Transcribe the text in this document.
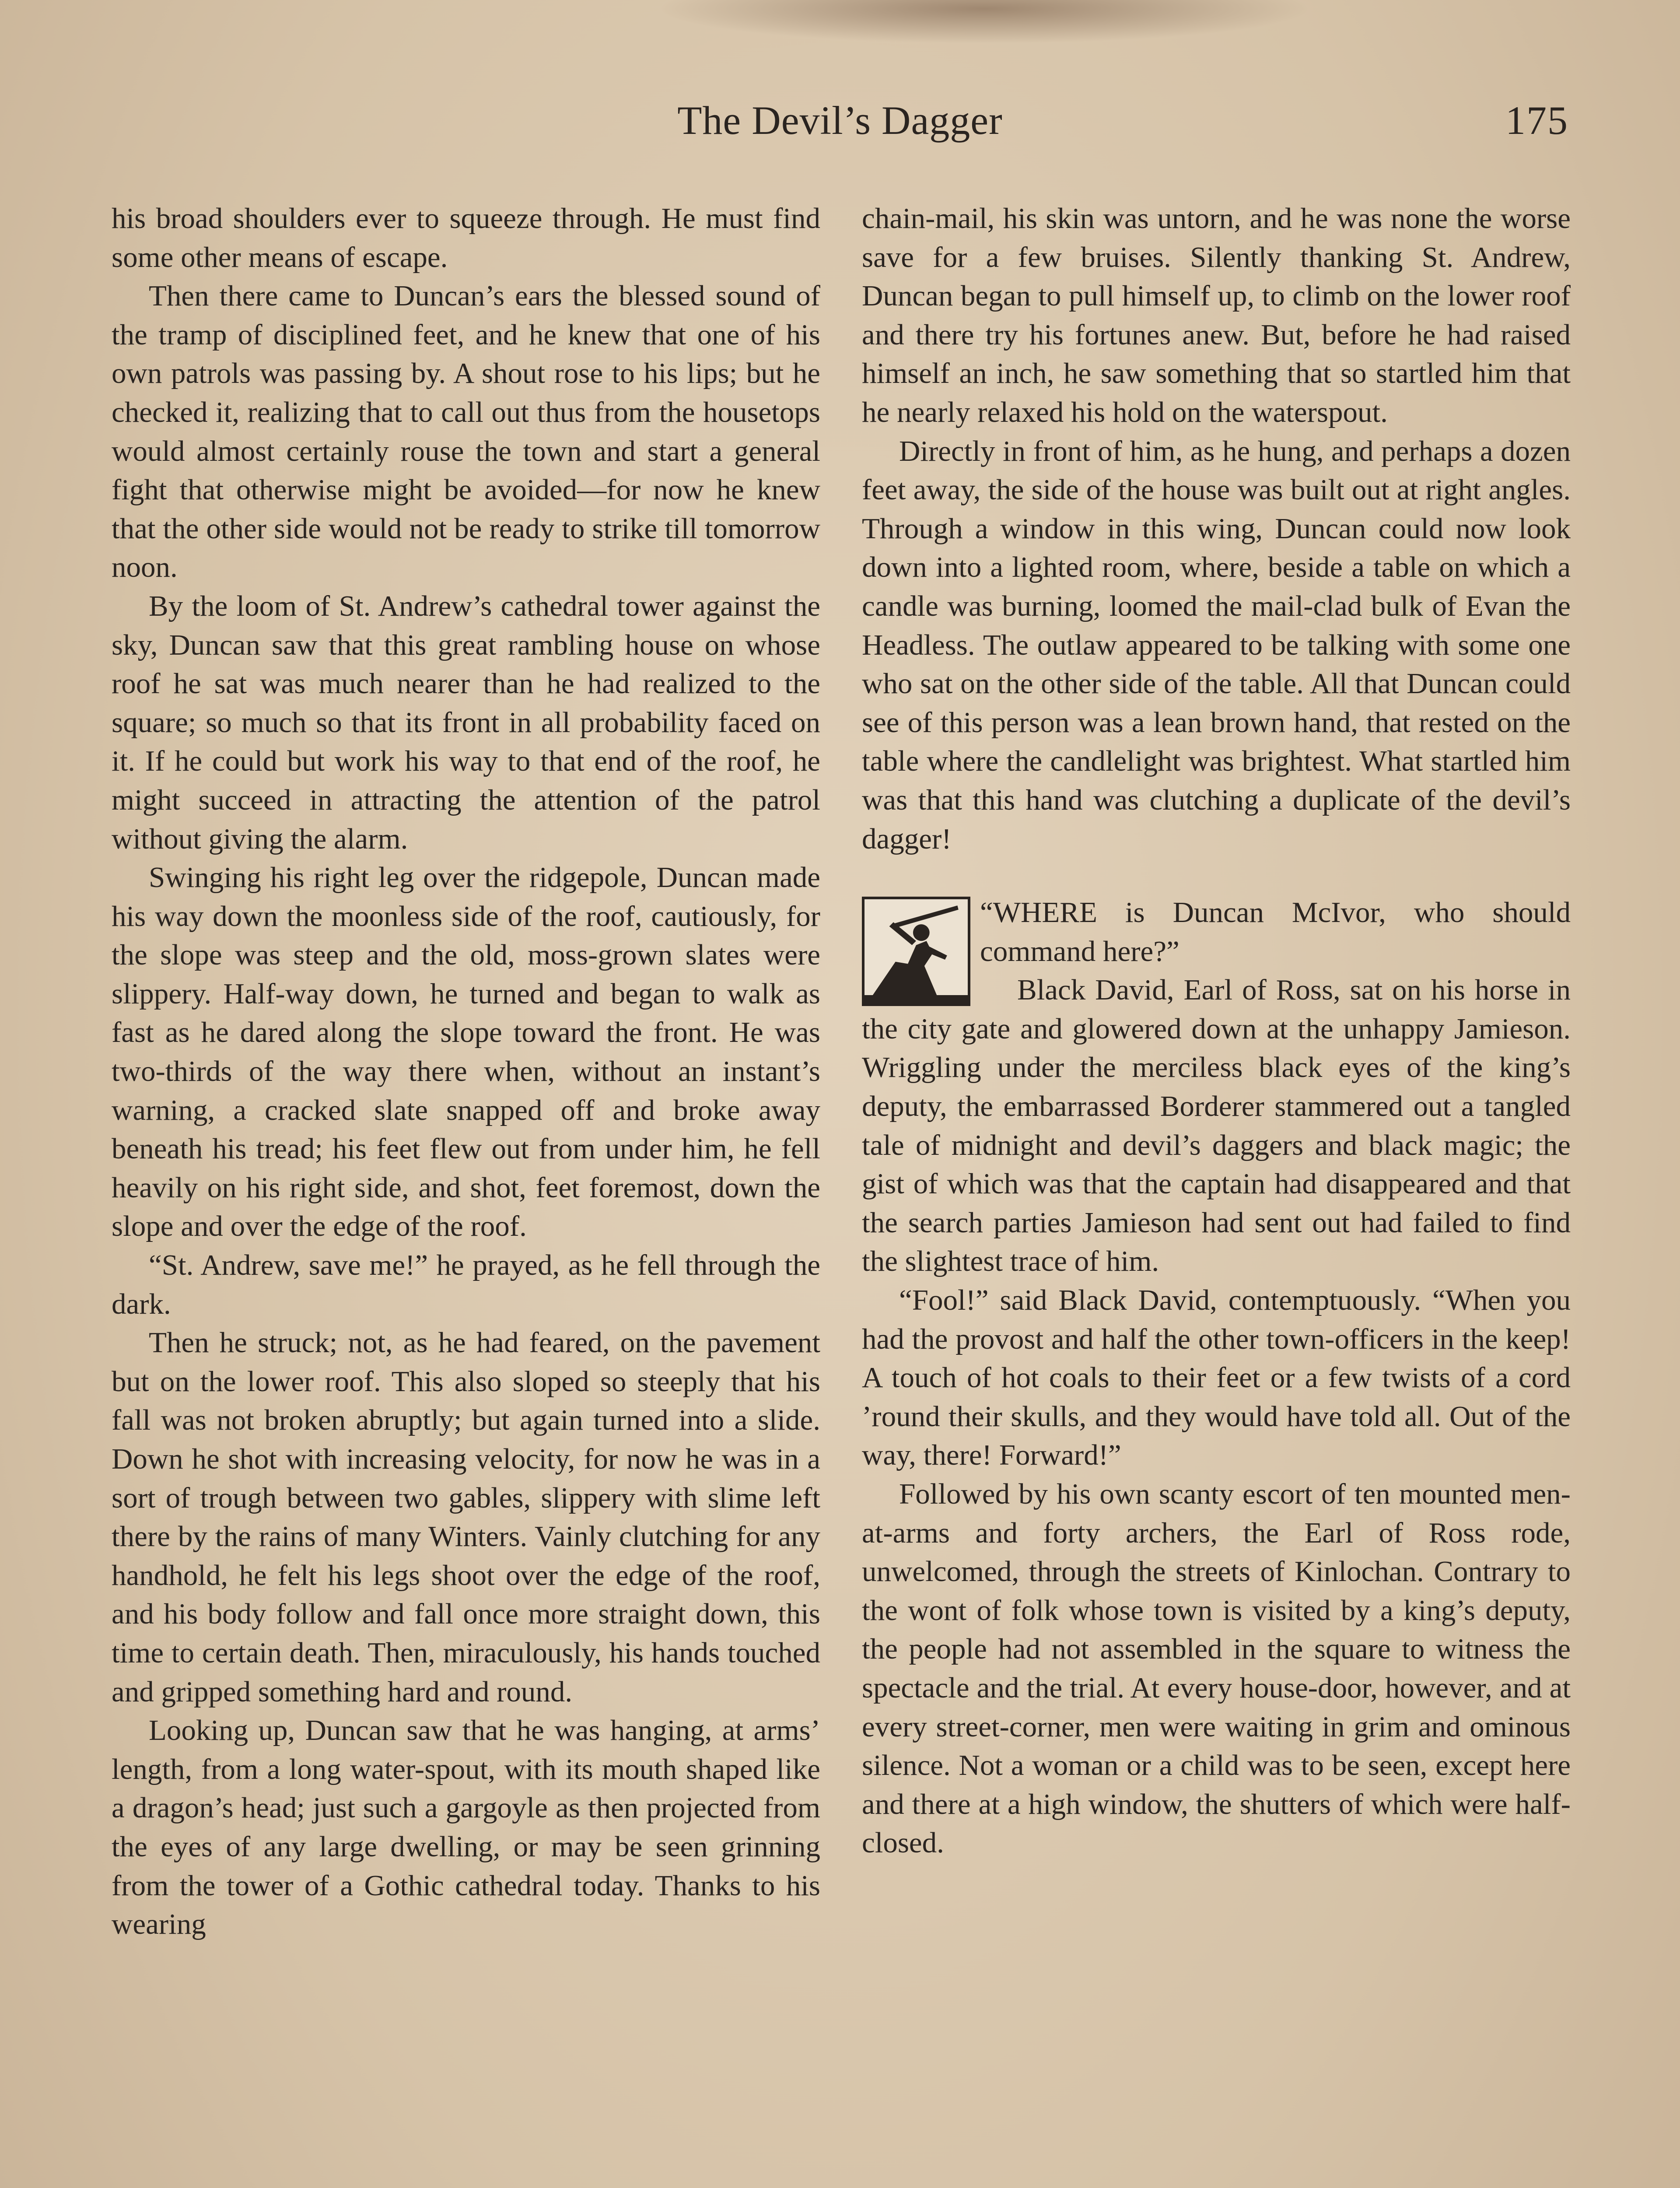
The Devil’s Dagger	175

his broad shoulders ever to squeeze through. He must find some other means of escape.

Then there came to Duncan’s ears the blessed sound of the tramp of disciplined feet, and he knew that one of his own patrols was passing by. A shout rose to his lips; but he checked it, realizing that to call out thus from the housetops would almost certainly rouse the town and start a general fight that otherwise might be avoided—for now he knew that the other side would not be ready to strike till tomorrow noon.

By the loom of St. Andrew’s cathedral tower against the sky, Duncan saw that this great rambling house on whose roof he sat was much nearer than he had realized to the square; so much so that its front in all probability faced on it. If he could but work his way to that end of the roof, he might succeed in attracting the attention of the patrol without giving the alarm.

Swinging his right leg over the ridgepole, Duncan made his way down the moonless side of the roof, cautiously, for the slope was steep and the old, moss-grown slates were slippery. Half-way down, he turned and began to walk as fast as he dared along the slope toward the front. He was two-thirds of the way there when, without an instant’s warning, a cracked slate snapped off and broke away beneath his tread; his feet flew out from under him, he fell heavily on his right side, and shot, feet foremost, down the slope and over the edge of the roof.

“St. Andrew, save me!” he prayed, as he fell through the dark.

Then he struck; not, as he had feared, on the pavement but on the lower roof. This also sloped so steeply that his fall was not broken abruptly; but again turned into a slide. Down he shot with increasing velocity, for now he was in a sort of trough between two gables, slippery with slime left there by the rains of many Winters. Vainly clutching for any handhold, he felt his legs shoot over the edge of the roof, and his body follow and fall once more straight down, this time to certain death. Then, miraculously, his hands touched and gripped something hard and round.

Looking up, Duncan saw that he was hanging, at arms’ length, from a long water-spout, with its mouth shaped like a dragon’s head; just such a gargoyle as then projected from the eyes of any large dwelling, or may be seen grinning from the tower of a Gothic cathedral today. Thanks to his wearing

chain-mail, his skin was untorn, and he was none the worse save for a few bruises. Silently thanking St. Andrew, Duncan began to pull himself up, to climb on the lower roof and there try his fortunes anew. But, before he had raised himself an inch, he saw something that so startled him that he nearly relaxed his hold on the waterspout.

Directly in front of him, as he hung, and perhaps a dozen feet away, the side of the house was built out at right angles. Through a window in this wing, Duncan could now look down into a lighted room, where, beside a table on which a candle was burning, loomed the mail-clad bulk of Evan the Headless. The outlaw appeared to be talking with some one who sat on the other side of the table. All that Duncan could see of this person was a lean brown hand, that rested on the table where the candlelight was brightest. What startled him was that this hand was clutching a duplicate of the devil’s dagger!

“WHERE is Duncan McIvor, who should command here?”

Black David, Earl of Ross, sat on his horse in the city gate and glowered down at the unhappy Jamieson. Wriggling under the merciless black eyes of the king’s deputy, the embarrassed Borderer stammered out a tangled tale of midnight and devil’s daggers and black magic; the gist of which was that the captain had disappeared and that the search parties Jamieson had sent out had failed to find the slightest trace of him.

“Fool!” said Black David, contemptuously. “When you had the provost and half the other town-officers in the keep! A touch of hot coals to their feet or a few twists of a cord ’round their skulls, and they would have told all. Out of the way, there! Forward!”

Followed by his own scanty escort of ten mounted men-at-arms and forty archers, the Earl of Ross rode, unwelcomed, through the streets of Kinlochan. Contrary to the wont of folk whose town is visited by a king’s deputy, the people had not assembled in the square to witness the spectacle and the trial. At every house-door, however, and at every street-corner, men were waiting in grim and ominous silence. Not a woman or a child was to be seen, except here and there at a high window, the shutters of which were half-closed.
